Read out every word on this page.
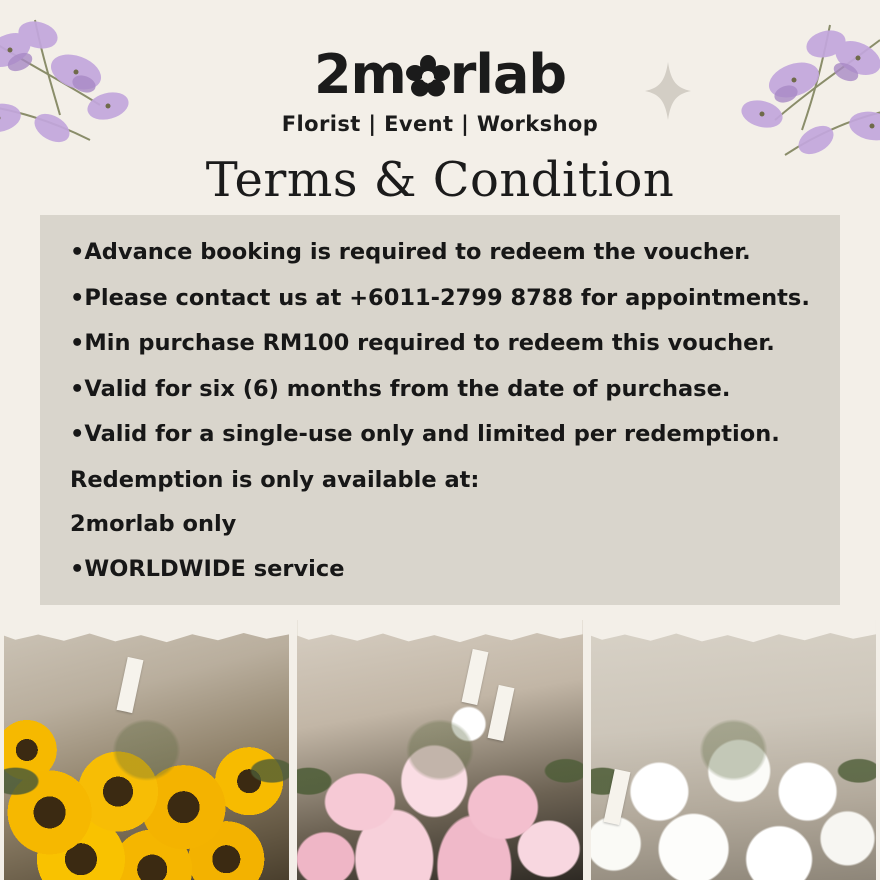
2m rlab
Florist | Event | Workshop
Terms & Condition

•Advance booking is required to redeem the voucher.

•Please contact us at +6011-2799 8788 for appointments.

•Min purchase RM100 required to redeem this voucher.

•Valid for six (6) months from the date of purchase.

•Valid for a single-use only and limited per redemption.

Redemption is only available at:

2morlab only

•WORLDWIDE service
